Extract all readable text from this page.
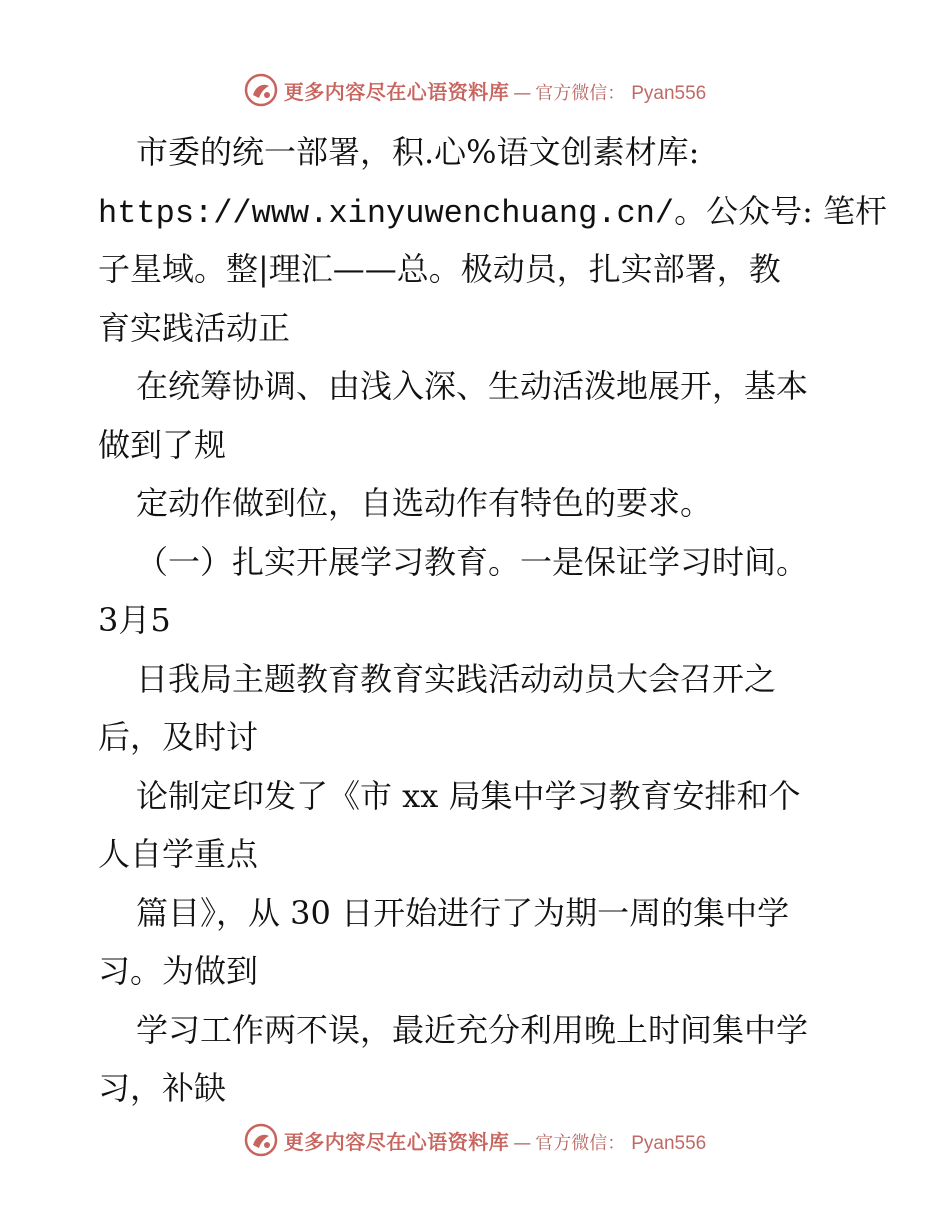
更多内容尽在心语资料库 — 官方微信： Pyan556
市委的统一部署，积.心%语文创素材库:
https://www.xinyuwenchuang.cn/。公众号: 笔杆
子星域。整|理汇——总。极动员，扎实部署，教
育实践活动正
在统筹协调、由浅入深、生动活泼地展开，基本
做到了规
定动作做到位，自选动作有特色的要求。
（一）扎实开展学习教育。一是保证学习时间。
3月5
日我局主题教育教育实践活动动员大会召开之
后，及时讨
论制定印发了《市 xx 局集中学习教育安排和个
人自学重点
篇目》，从 30 日开始进行了为期一周的集中学
习。为做到
学习工作两不误，最近充分利用晚上时间集中学
习，补缺
更多内容尽在心语资料库 — 官方微信： Pyan556
